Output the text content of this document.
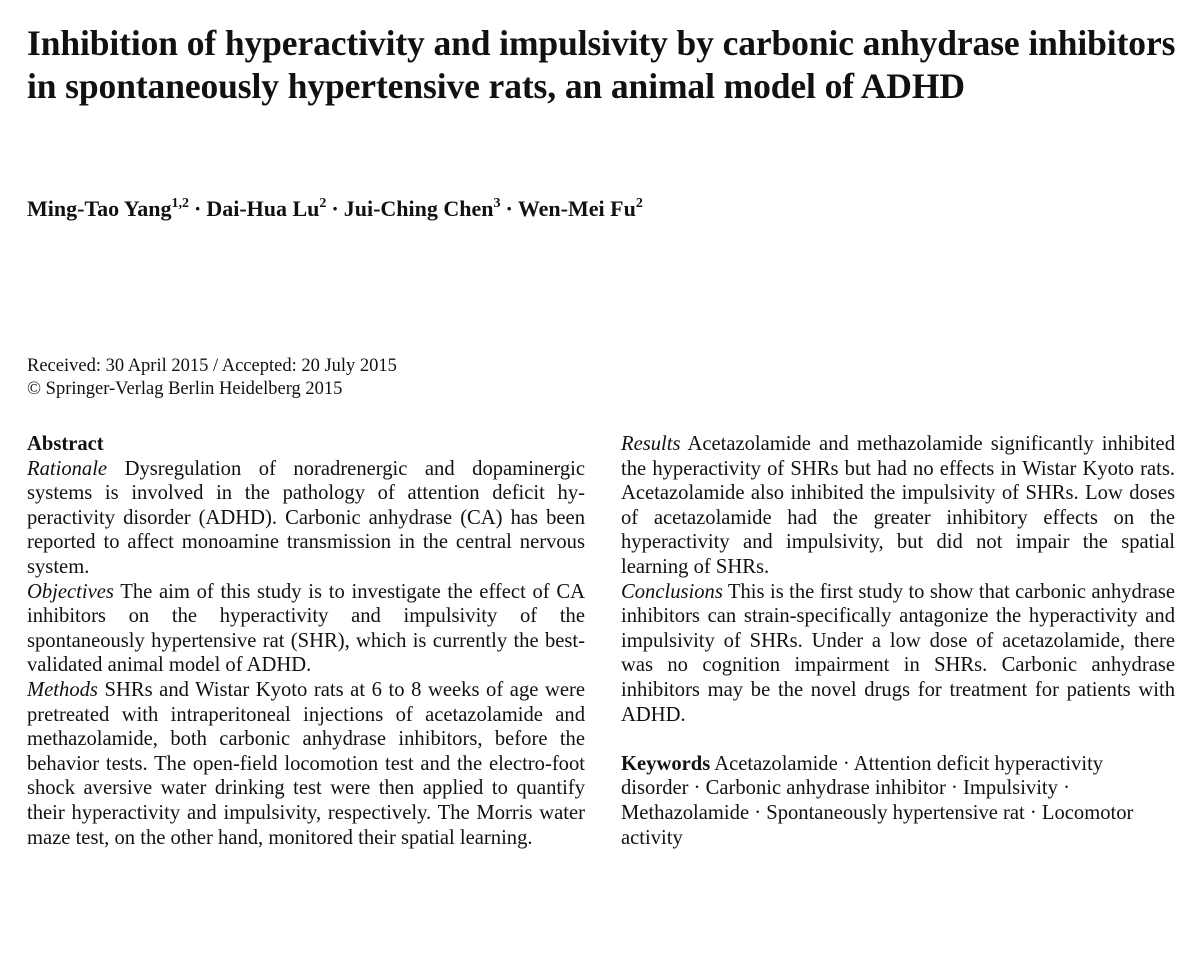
Inhibition of hyperactivity and impulsivity by carbonic anhydrase inhibitors in spontaneously hypertensive rats, an animal model of ADHD
Ming-Tao Yang$^{1,2}$ · Dai-Hua $Lu^2$ · Jui-Ching Chen$^3$ · Wen-Mei Fu$^2$
Received: 30 April 2015 / Accepted: 20 July 2015
© Springer-Verlag Berlin Heidelberg 2015
Abstract

Rationale Dysregulation of noradrenergic and dopaminergic systems is involved in the pathology of attention deficit hyperactivity disorder (ADHD). Carbonic anhydrase (CA) has been reported to affect monoamine transmission in the central nervous system.

Objectives The aim of this study is to investigate the effect of CA inhibitors on the hyperactivity and impulsivity of the spontaneously hypertensive rat (SHR), which is currently the best-validated animal model of ADHD.

Methods SHRs and Wistar Kyoto rats at 6 to 8 weeks of age were pretreated with intraperitoneal injections of acetazolamide and methazolamide, both carbonic anhydrase inhibitors, before the behavior tests. The open-field locomotion test and the electro-foot shock aversive water drinking test were then applied to quantify their hyperactivity and impulsivity, respectively. The Morris water maze test, on the other hand, monitored their spatial learning.

Results Acetazolamide and methazolamide significantly inhibited the hyperactivity of SHRs but had no effects in Wistar Kyoto rats. Acetazolamide also inhibited the impulsivity of SHRs. Low doses of acetazolamide had the greater inhibitory effects on the hyperactivity and impulsivity, but did not impair the spatial learning of SHRs.

Conclusions This is the first study to show that carbonic anhydrase inhibitors can strain-specifically antagonize the hyperactivity and impulsivity of SHRs. Under a low dose of acetazolamide, there was no cognition impairment in SHRs. Carbonic anhydrase inhibitors may be the novel drugs for treatment for patients with ADHD.

Keywords Acetazolamide · Attention deficit hyperactivity disorder · Carbonic anhydrase inhibitor · Impulsivity · Methazolamide · Spontaneously hypertensive rat · Locomotor activity
